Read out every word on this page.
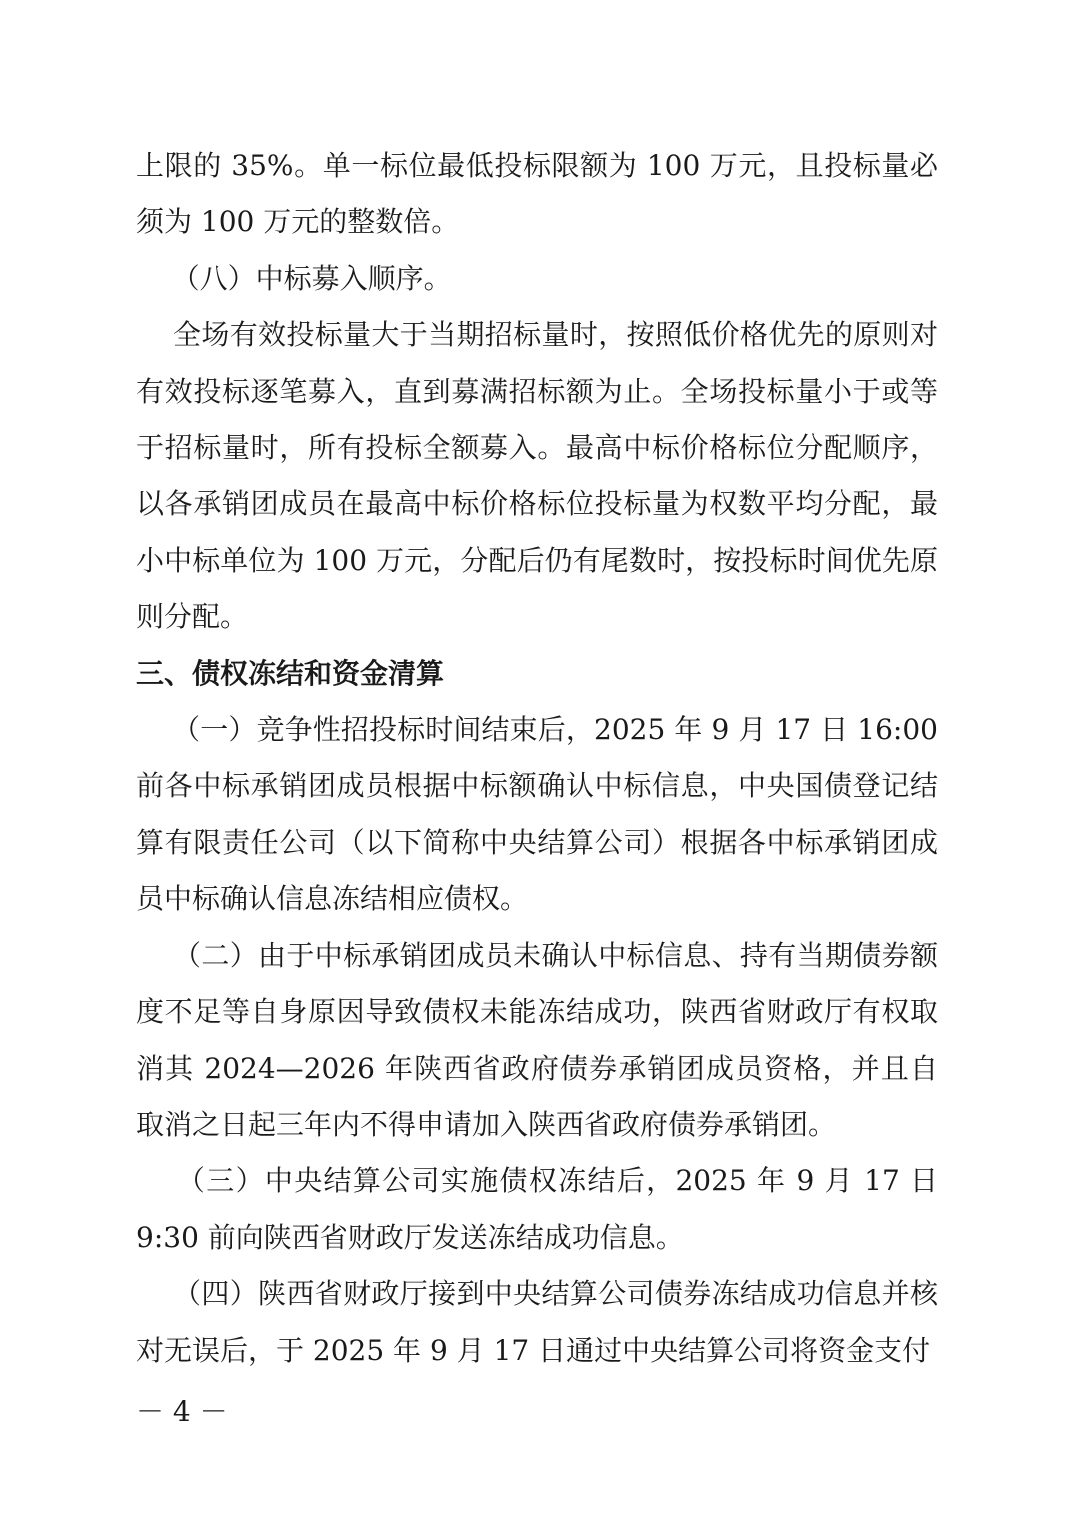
上限的 35%。单一标位最低投标限额为 100 万元，且投标量必须为 100 万元的整数倍。

（八）中标募入顺序。

全场有效投标量大于当期招标量时，按照低价格优先的原则对有效投标逐笔募入，直到募满招标额为止。全场投标量小于或等于招标量时，所有投标全额募入。最高中标价格标位分配顺序，以各承销团成员在最高中标价格标位投标量为权数平均分配，最小中标单位为 100 万元，分配后仍有尾数时，按投标时间优先原则分配。

三、债权冻结和资金清算

（一）竞争性招投标时间结束后，2025 年 9 月 17 日 16:00 前各中标承销团成员根据中标额确认中标信息，中央国债登记结算有限责任公司（以下简称中央结算公司）根据各中标承销团成员中标确认信息冻结相应债权。

（二）由于中标承销团成员未确认中标信息、持有当期债券额度不足等自身原因导致债权未能冻结成功，陕西省财政厅有权取消其 2024—2026 年陕西省政府债券承销团成员资格，并且自取消之日起三年内不得申请加入陕西省政府债券承销团。

（三）中央结算公司实施债权冻结后，2025 年 9 月 17 日 9:30 前向陕西省财政厅发送冻结成功信息。

（四）陕西省财政厅接到中央结算公司债券冻结成功信息并核对无误后，于 2025 年 9 月 17 日通过中央结算公司将资金支付

－ 4 －
